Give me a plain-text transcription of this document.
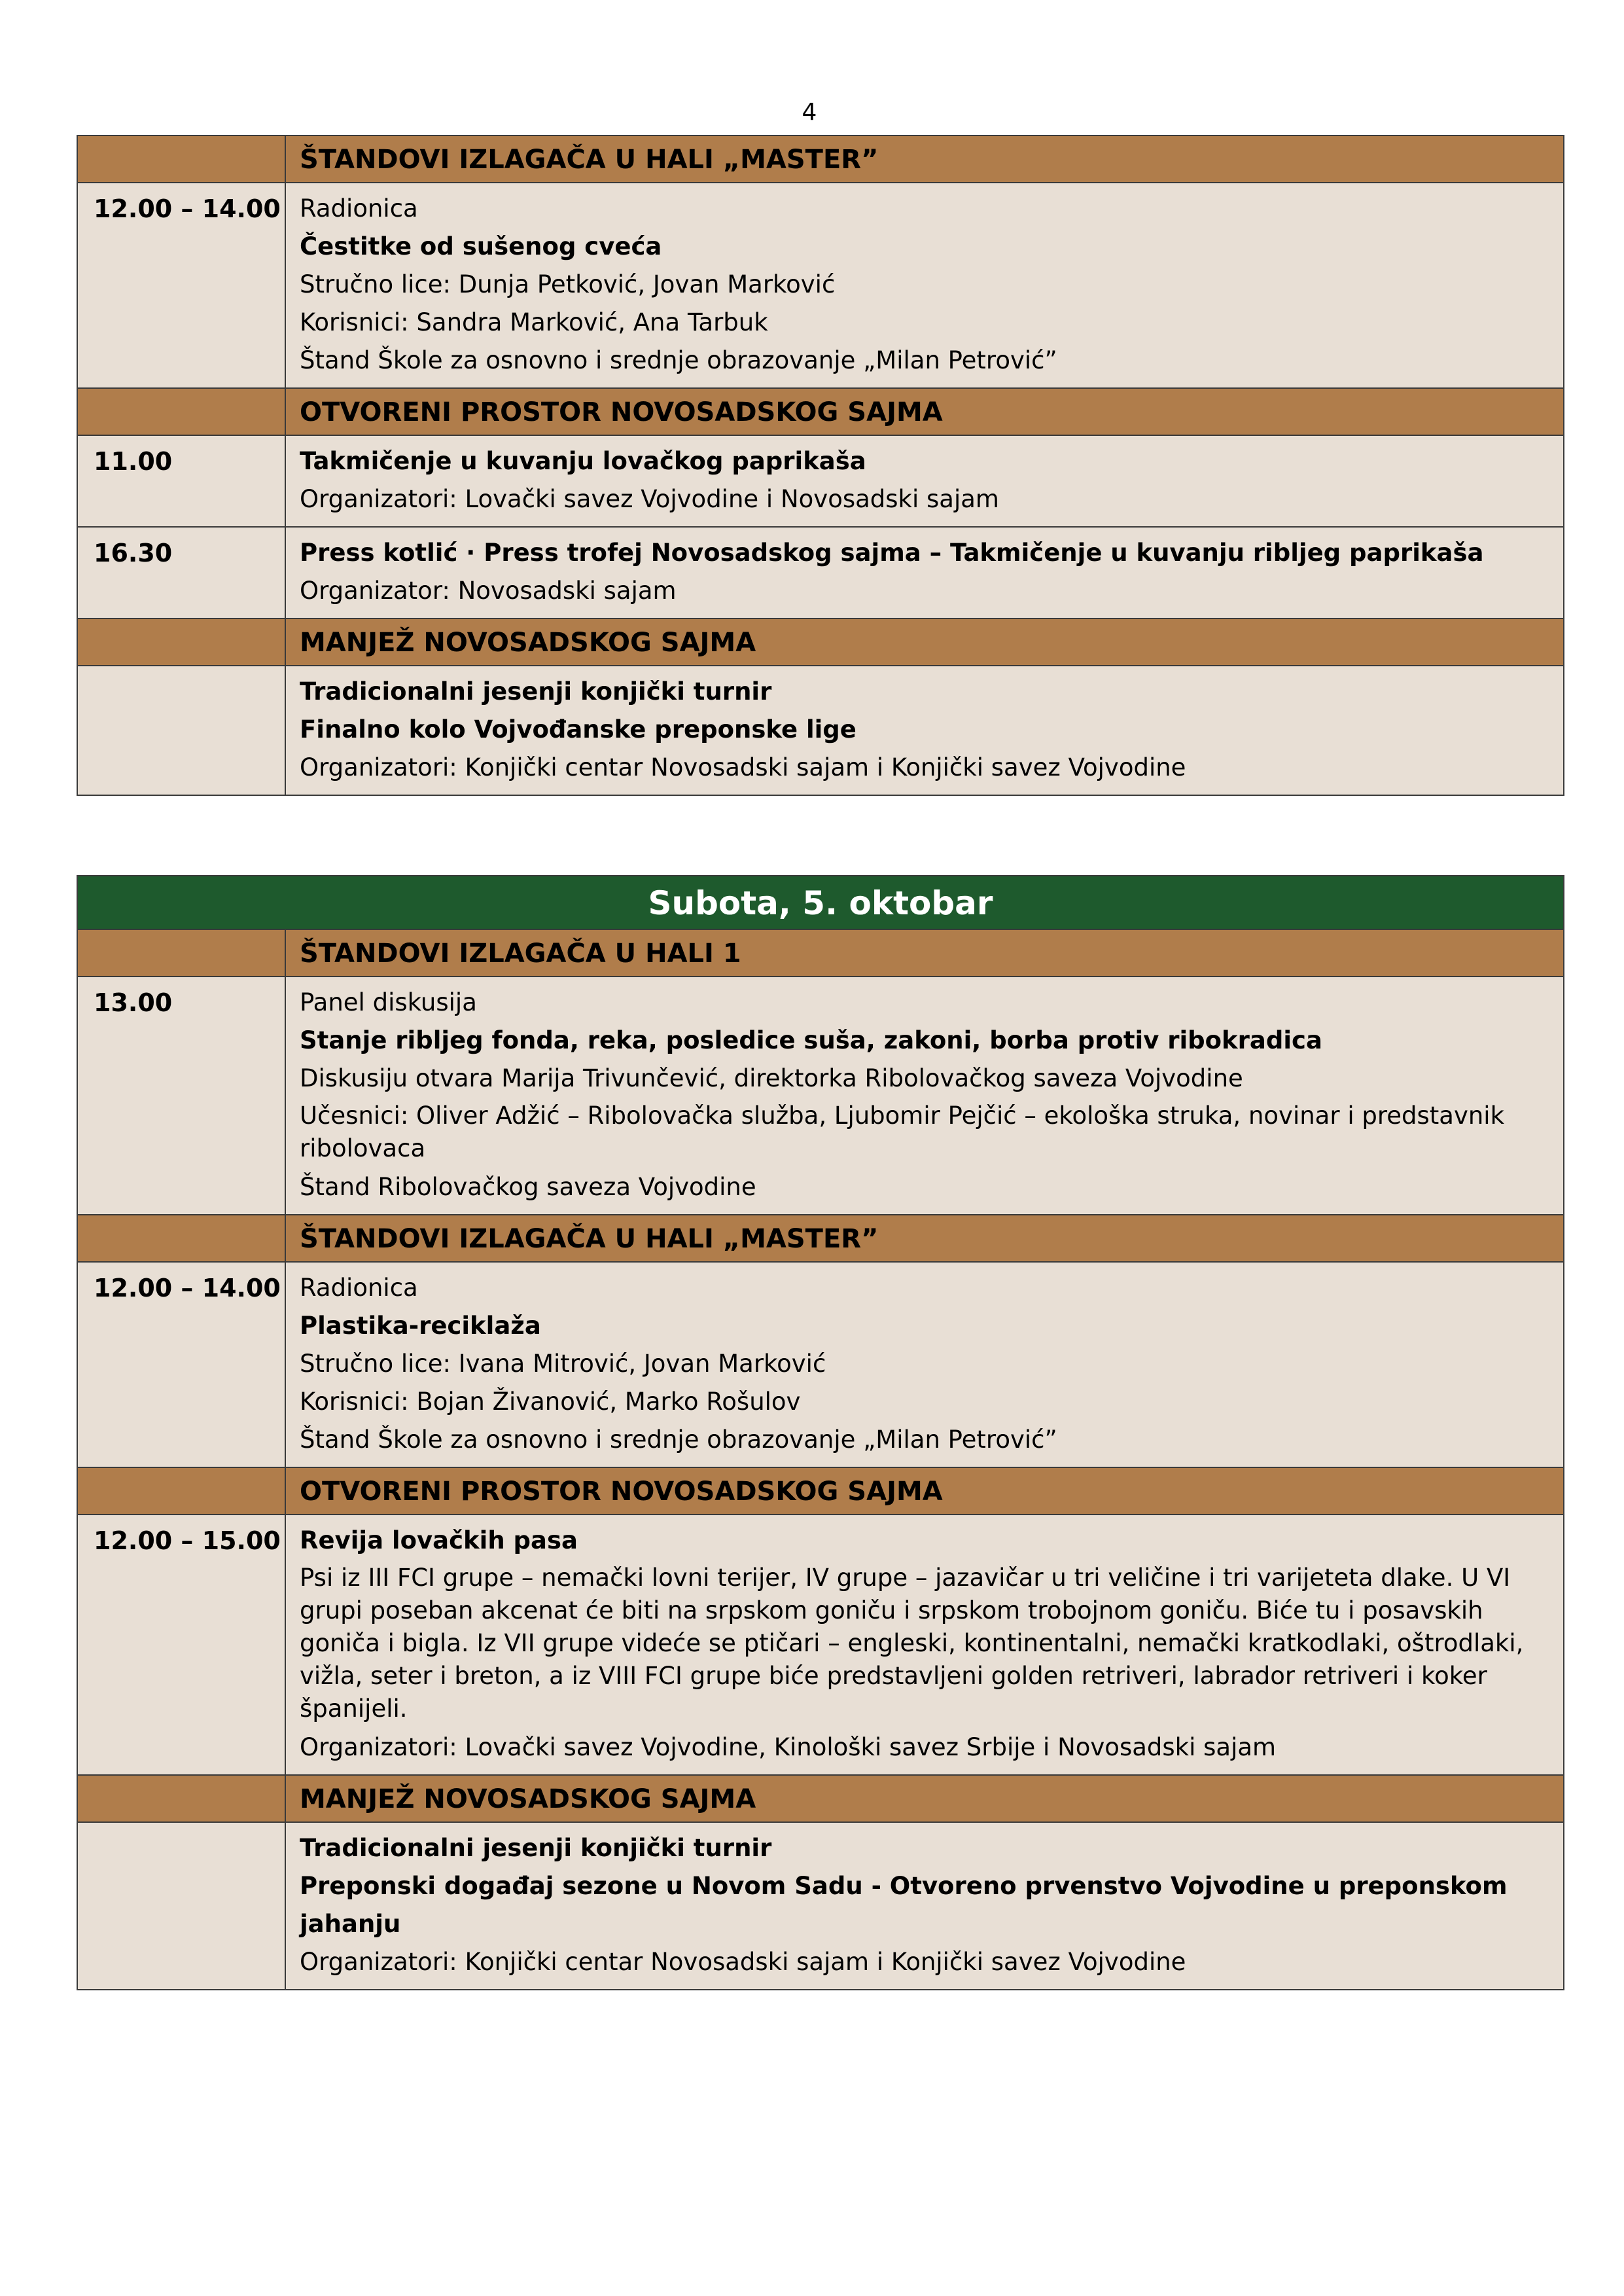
4

	ŠTANDOVI IZLAGAČA U HALI „MASTER”

12.00 – 14.00	Radionica
Čestitke od sušenog cveća
Stručno lice: Dunja Petković, Jovan Marković
Korisnici: Sandra Marković, Ana Tarbuk
Štand Škole za osnovno i srednje obrazovanje „Milan Petrović”

	OTVORENI PROSTOR NOVOSADSKOG SAJMA

11.00	Takmičenje u kuvanju lovačkog paprikaša
Organizatori: Lovački savez Vojvodine i Novosadski sajam

16.30	Press kotlić · Press trofej Novosadskog sajma – Takmičenje u kuvanju ribljeg paprikaša
Organizator: Novosadski sajam

	MANJEŽ NOVOSADSKOG SAJMA

	Tradicionalni jesenji konjički turnir
Finalno kolo Vojvođanske preponske lige
Organizatori: Konjički centar Novosadski sajam i Konjički savez Vojvodine
Subota, 5. oktobar	

	ŠTANDOVI IZLAGAČA U HALI 1

13.00	Panel diskusija
Stanje ribljeg fonda, reka, posledice suša, zakoni, borba protiv ribokradica
Diskusiju otvara Marija Trivunčević, direktorka Ribolovačkog saveza Vojvodine
Učesnici: Oliver Adžić – Ribolovačka služba, Ljubomir Pejčić – ekološka struka, novinar i predstavnik ribolovaca
Štand Ribolovačkog saveza Vojvodine

	ŠTANDOVI IZLAGAČA U HALI „MASTER”

12.00 – 14.00	Radionica
Plastika-reciklaža
Stručno lice: Ivana Mitrović, Jovan Marković
Korisnici: Bojan Živanović, Marko Rošulov
Štand Škole za osnovno i srednje obrazovanje „Milan Petrović”

	OTVORENI PROSTOR NOVOSADSKOG SAJMA

12.00 – 15.00	Revija lovačkih pasa
Psi iz III FCI grupe – nemački lovni terijer, IV grupe – jazavičar u tri veličine i tri varijeteta dlake. U VI grupi poseban akcenat će biti na srpskom goniču i srpskom trobojnom goniču. Biće tu i posavskih goniča i bigla. Iz VII grupe videće se ptičari – engleski, kontinentalni, nemački kratkodlaki, oštrodlaki, vižla, seter i breton, a iz VIII FCI grupe biće predstavljeni golden retriveri, labrador retriveri i koker španijeli.
Organizatori: Lovački savez Vojvodine, Kinološki savez Srbije i Novosadski sajam

	MANJEŽ NOVOSADSKOG SAJMA

	Tradicionalni jesenji konjički turnir
Preponski događaj sezone u Novom Sadu - Otvoreno prvenstvo Vojvodine u preponskom jahanju
Organizatori: Konjički centar Novosadski sajam i Konjički savez Vojvodine
